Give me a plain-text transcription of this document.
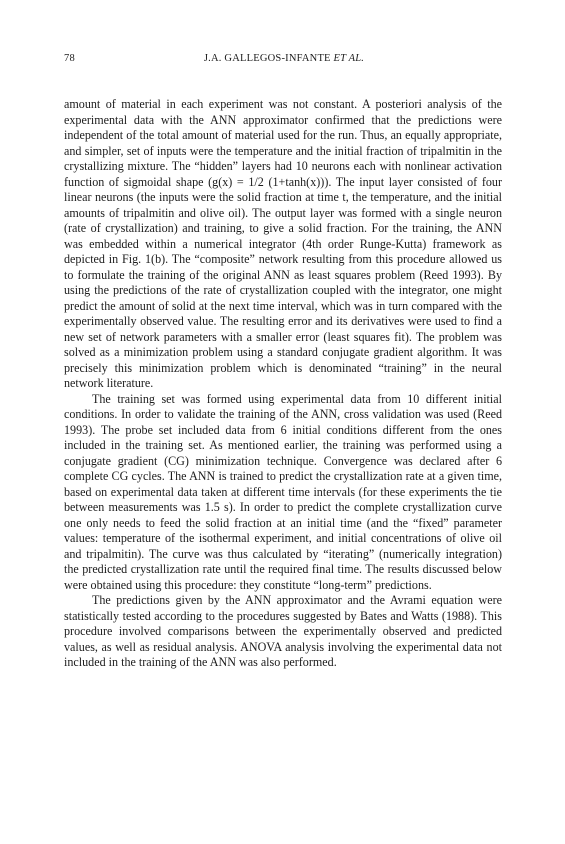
78	J.A. GALLEGOS-INFANTE ET AL.

amount of material in each experiment was not constant. A posteriori analysis of the experimental data with the ANN approximator confirmed that the predictions were independent of the total amount of material used for the run. Thus, an equally appropriate, and simpler, set of inputs were the temperature and the initial fraction of tripalmitin in the crystallizing mixture. The “hidden” layers had 10 neurons each with nonlinear activation function of sigmoidal shape (g(x) = 1/2 (1+tanh(x))). The input layer consisted of four linear neurons (the inputs were the solid fraction at time t, the temperature, and the initial amounts of tripalmitin and olive oil). The output layer was formed with a single neuron (rate of crystallization) and training, to give a solid fraction. For the training, the ANN was embedded within a numerical integrator (4th order Runge-Kutta) framework as depicted in Fig. 1(b). The “composite” network resulting from this procedure allowed us to formulate the training of the original ANN as least squares problem (Reed 1993). By using the predictions of the rate of crystallization coupled with the integrator, one might predict the amount of solid at the next time interval, which was in turn compared with the experimentally observed value. The resulting error and its derivatives were used to find a new set of network parameters with a smaller error (least squares fit). The problem was solved as a minimization problem using a standard conjugate gradient algorithm. It was precisely this minimization problem which is denominated “training” in the neural network literature.

The training set was formed using experimental data from 10 different initial conditions. In order to validate the training of the ANN, cross validation was used (Reed 1993). The probe set included data from 6 initial conditions different from the ones included in the training set. As mentioned earlier, the training was performed using a conjugate gradient (CG) minimization technique. Convergence was declared after 6 complete CG cycles. The ANN is trained to predict the crystallization rate at a given time, based on experimental data taken at different time intervals (for these experiments the tie between measurements was 1.5 s). In order to predict the complete crystallization curve one only needs to feed the solid fraction at an initial time (and the “fixed” parameter values: temperature of the isothermal experiment, and initial concentrations of olive oil and tripalmitin). The curve was thus calculated by “iterating” (numerically integration) the predicted crystallization rate until the required final time. The results discussed below were obtained using this procedure: they constitute “long-term” predictions.

The predictions given by the ANN approximator and the Avrami equation were statistically tested according to the procedures suggested by Bates and Watts (1988). This procedure involved comparisons between the experimentally observed and predicted values, as well as residual analysis. ANOVA analysis involving the experimental data not included in the training of the ANN was also performed.
